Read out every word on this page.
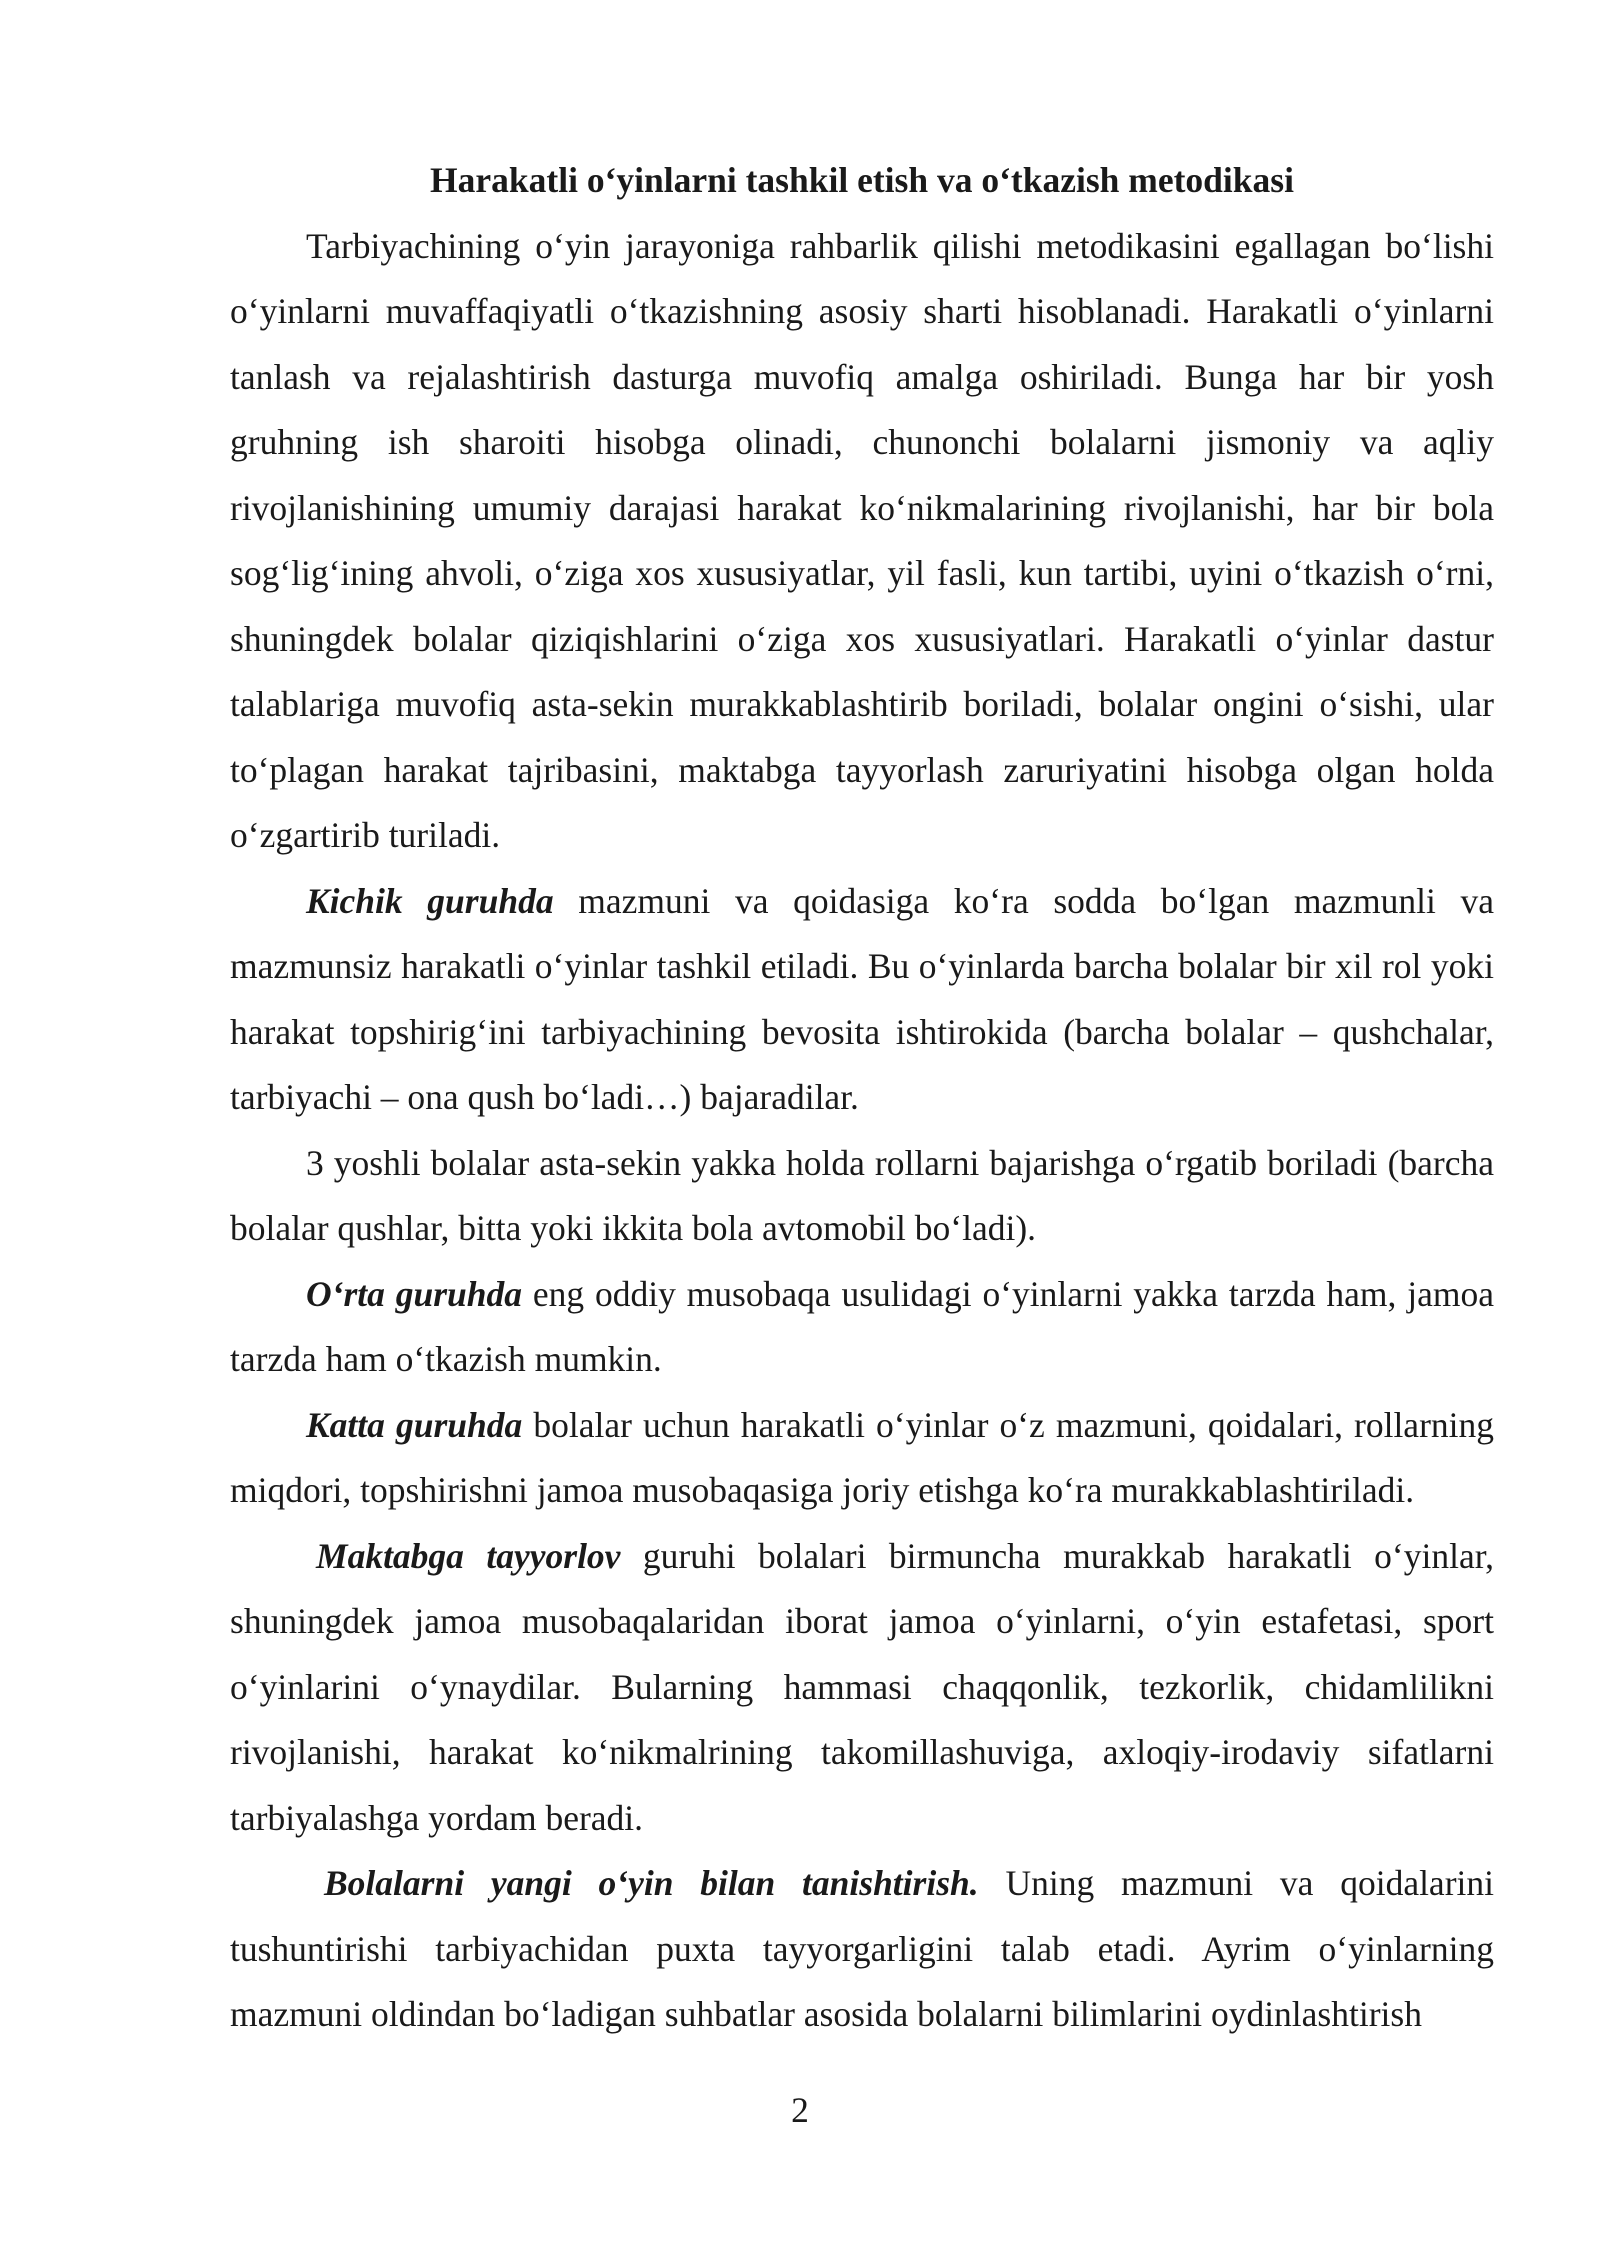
Harakatli o‘yinlarni tashkil etish va o‘tkazish metodikasi

Tarbiyachining o‘yin jarayoniga rahbarlik qilishi metodikasini egallagan bo‘lishi o‘yinlarni muvaffaqiyatli o‘tkazishning asosiy sharti hisoblanadi. Harakatli o‘yinlarni tanlash va rejalashtirish dasturga muvofiq amalga oshiriladi. Bunga har bir yosh gruhning ish sharoiti hisobga olinadi, chunonchi bolalarni jismoniy va aqliy rivojlanishining umumiy darajasi harakat ko‘nikmalarining rivojlanishi, har bir bola sog‘lig‘ining ahvoli, o‘ziga xos xususiyatlar, yil fasli, kun tartibi, uyini o‘tkazish o‘rni, shuningdek bolalar qiziqishlarini o‘ziga xos xususiyatlari. Harakatli o‘yinlar dastur talablariga muvofiq asta-sekin murakkablashtirib boriladi, bolalar ongini o‘sishi, ular to‘plagan harakat tajribasini, maktabga tayyorlash zaruriyatini hisobga olgan holda o‘zgartirib turiladi.

Kichik guruhda mazmuni va qoidasiga ko‘ra sodda bo‘lgan mazmunli va mazmunsiz harakatli o‘yinlar tashkil etiladi. Bu o‘yinlarda barcha bolalar bir xil rol yoki harakat topshirig‘ini tarbiyachining bevosita ishtirokida (barcha bolalar – qushchalar, tarbiyachi – ona qush bo‘ladi…) bajaradilar.

3 yoshli bolalar asta-sekin yakka holda rollarni bajarishga o‘rgatib boriladi (barcha bolalar qushlar, bitta yoki ikkita bola avtomobil bo‘ladi).

O‘rta guruhda eng oddiy musobaqa usulidagi o‘yinlarni yakka tarzda ham, jamoa tarzda ham o‘tkazish mumkin.

Katta guruhda bolalar uchun harakatli o‘yinlar o‘z mazmuni, qoidalari, rollarning miqdori, topshirishni jamoa musobaqasiga joriy etishga ko‘ra murakkablashtiriladi.

Maktabga tayyorlov guruhi bolalari birmuncha murakkab harakatli o‘yinlar, shuningdek jamoa musobaqalaridan iborat jamoa o‘yinlarni, o‘yin estafetasi, sport o‘yinlarini o‘ynaydilar. Bularning hammasi chaqqonlik, tezkorlik, chidamlilikni rivojlanishi, harakat ko‘nikmalrining takomillashuviga, axloqiy-irodaviy sifatlarni tarbiyalashga yordam beradi.

Bolalarni yangi o‘yin bilan tanishtirish. Uning mazmuni va qoidalarini tushuntirishi tarbiyachidan puxta tayyorgarligini talab etadi. Ayrim o‘yinlarning mazmuni oldindan bo‘ladigan suhbatlar asosida bolalarni bilimlarini oydinlashtirish

2
